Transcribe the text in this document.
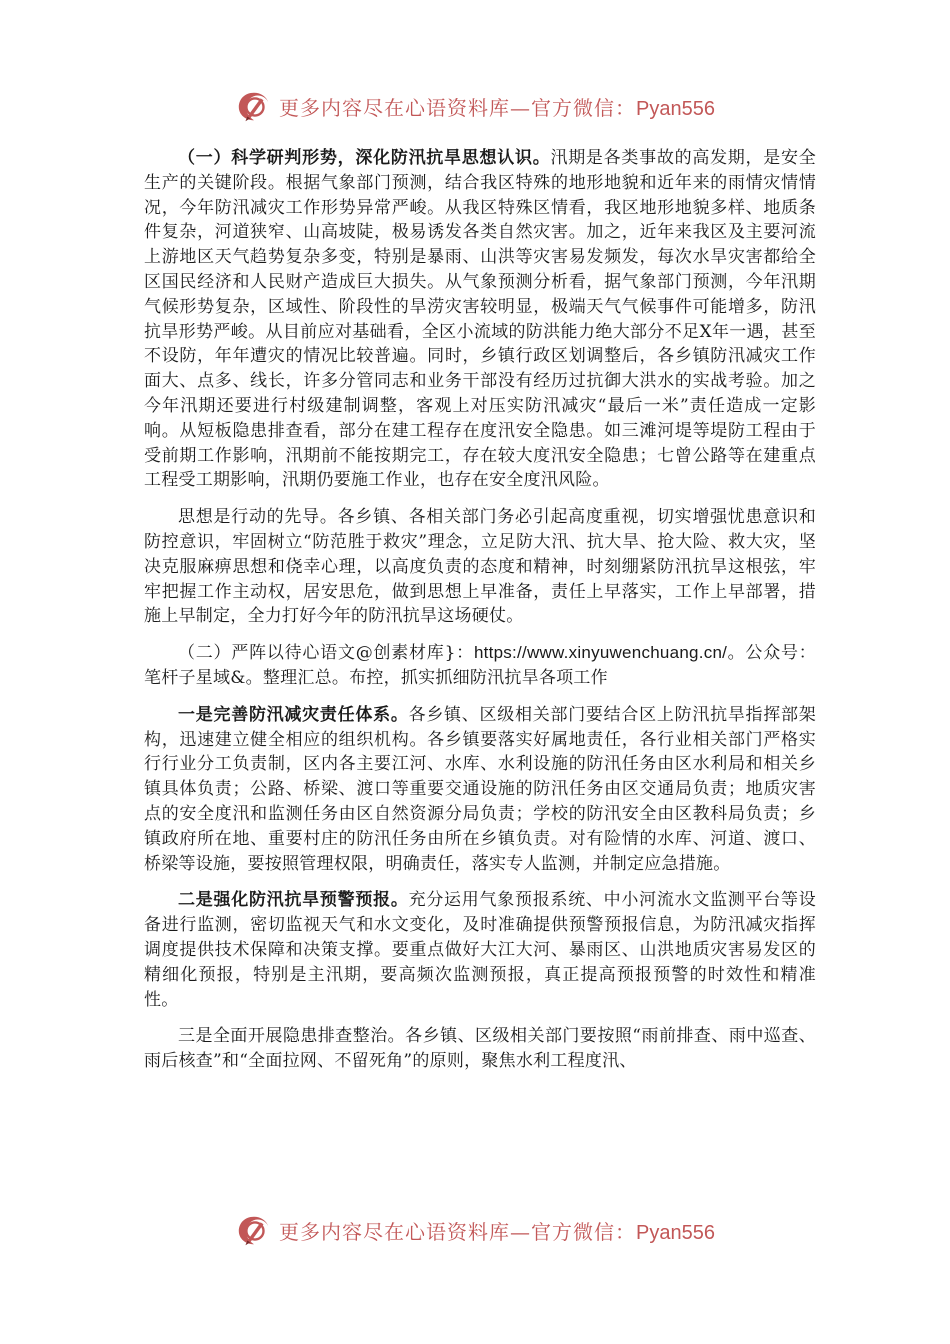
更多内容尽在心语资料库—官方微信：Pyan556

（一）科学研判形势，深化防汛抗旱思想认识。汛期是各类事故的高发期，是安全生产的关键阶段。根据气象部门预测，结合我区特殊的地形地貌和近年来的雨情灾情情况，今年防汛减灾工作形势异常严峻。从我区特殊区情看，我区地形地貌多样、地质条件复杂，河道狭窄、山高坡陡，极易诱发各类自然灾害。加之，近年来我区及主要河流上游地区天气趋势复杂多变，特别是暴雨、山洪等灾害易发频发，每次水旱灾害都给全区国民经济和人民财产造成巨大损失。从气象预测分析看，据气象部门预测，今年汛期气候形势复杂，区域性、阶段性的旱涝灾害较明显，极端天气气候事件可能增多，防汛抗旱形势严峻。从目前应对基础看，全区小流域的防洪能力绝大部分不足X年一遇，甚至不设防，年年遭灾的情况比较普遍。同时，乡镇行政区划调整后，各乡镇防汛减灾工作面大、点多、线长，许多分管同志和业务干部没有经历过抗御大洪水的实战考验。加之今年汛期还要进行村级建制调整，客观上对压实防汛减灾“最后一米”责任造成一定影响。从短板隐患排查看，部分在建工程存在度汛安全隐患。如三滩河堤等堤防工程由于受前期工作影响，汛期前不能按期完工，存在较大度汛安全隐患；七曾公路等在建重点工程受工期影响，汛期仍要施工作业，也存在安全度汛风险。

思想是行动的先导。各乡镇、各相关部门务必引起高度重视，切实增强忧患意识和防控意识，牢固树立“防范胜于救灾”理念，立足防大汛、抗大旱、抢大险、救大灾，坚决克服麻痹思想和侥幸心理，以高度负责的态度和精神，时刻绷紧防汛抗旱这根弦，牢牢把握工作主动权，居安思危，做到思想上早准备，责任上早落实，工作上早部署，措施上早制定，全力打好今年的防汛抗旱这场硬仗。

（二）严阵以待心语文@创素材库}：https://www.xinyuwenchuang.cn/。公众号：笔杆子星域&。整理汇总。布控，抓实抓细防汛抗旱各项工作

一是完善防汛减灾责任体系。各乡镇、区级相关部门要结合区上防汛抗旱指挥部架构，迅速建立健全相应的组织机构。各乡镇要落实好属地责任，各行业相关部门严格实行行业分工负责制，区内各主要江河、水库、水利设施的防汛任务由区水利局和相关乡镇具体负责；公路、桥梁、渡口等重要交通设施的防汛任务由区交通局负责；地质灾害点的安全度汛和监测任务由区自然资源分局负责；学校的防汛安全由区教科局负责；乡镇政府所在地、重要村庄的防汛任务由所在乡镇负责。对有险情的水库、河道、渡口、桥梁等设施，要按照管理权限，明确责任，落实专人监测，并制定应急措施。

二是强化防汛抗旱预警预报。充分运用气象预报系统、中小河流水文监测平台等设备进行监测，密切监视天气和水文变化，及时准确提供预警预报信息，为防汛减灾指挥调度提供技术保障和决策支撑。要重点做好大江大河、暴雨区、山洪地质灾害易发区的精细化预报，特别是主汛期，要高频次监测预报，真正提高预报预警的时效性和精准性。

三是全面开展隐患排查整治。各乡镇、区级相关部门要按照“雨前排查、雨中巡查、雨后核查”和“全面拉网、不留死角”的原则，聚焦水利工程度汛、

更多内容尽在心语资料库—官方微信：Pyan556
